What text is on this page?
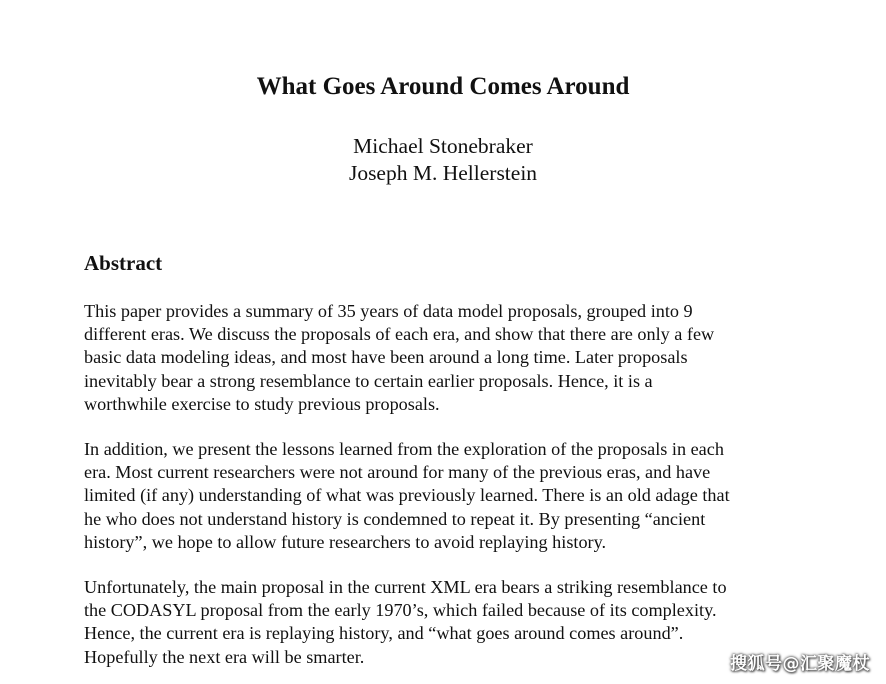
What Goes Around Comes Around
Michael Stonebraker
Joseph M. Hellerstein
Abstract

This paper provides a summary of 35 years of data model proposals, grouped into 9
different eras. We discuss the proposals of each era, and show that there are only a few
basic data modeling ideas, and most have been around a long time. Later proposals
inevitably bear a strong resemblance to certain earlier proposals. Hence, it is a
worthwhile exercise to study previous proposals.

In addition, we present the lessons learned from the exploration of the proposals in each
era. Most current researchers were not around for many of the previous eras, and have
limited (if any) understanding of what was previously learned. There is an old adage that
he who does not understand history is condemned to repeat it. By presenting “ancient
history”, we hope to allow future researchers to avoid replaying history.

Unfortunately, the main proposal in the current XML era bears a striking resemblance to
the CODASYL proposal from the early 1970’s, which failed because of its complexity.
Hence, the current era is replaying history, and “what goes around comes around”.
Hopefully the next era will be smarter.	搜狐号@汇聚魔杖
